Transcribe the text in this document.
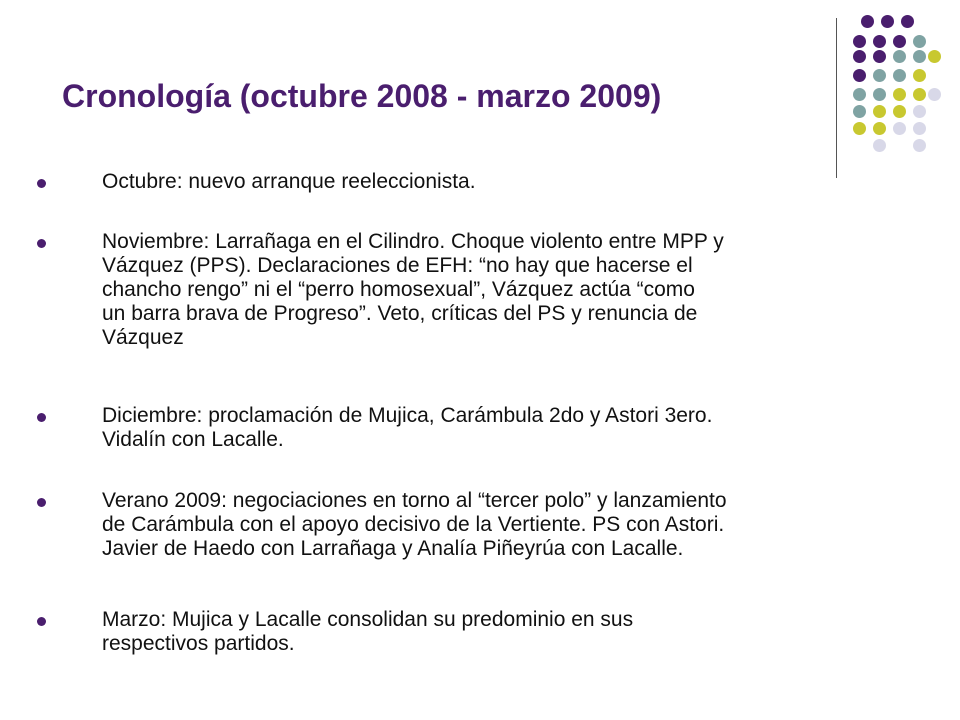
Cronología (octubre 2008 - marzo 2009)
Octubre: nuevo arranque reeleccionista.
Noviembre: Larrañaga en el Cilindro. Choque violento entre MPP y
Vázquez (PPS). Declaraciones de EFH: “no hay que hacerse el
chancho rengo” ni el “perro homosexual”, Vázquez actúa “como
un barra brava de Progreso”. Veto, críticas del PS y renuncia de
Vázquez
Diciembre: proclamación de Mujica, Carámbula 2do y Astori 3ero.
Vidalín con Lacalle.
Verano 2009: negociaciones en torno al “tercer polo” y lanzamiento
de Carámbula con el apoyo decisivo de la Vertiente. PS con Astori.
Javier de Haedo con Larrañaga y Analía Piñeyrúa con Lacalle.
Marzo: Mujica y Lacalle consolidan su predominio en sus
respectivos partidos.
